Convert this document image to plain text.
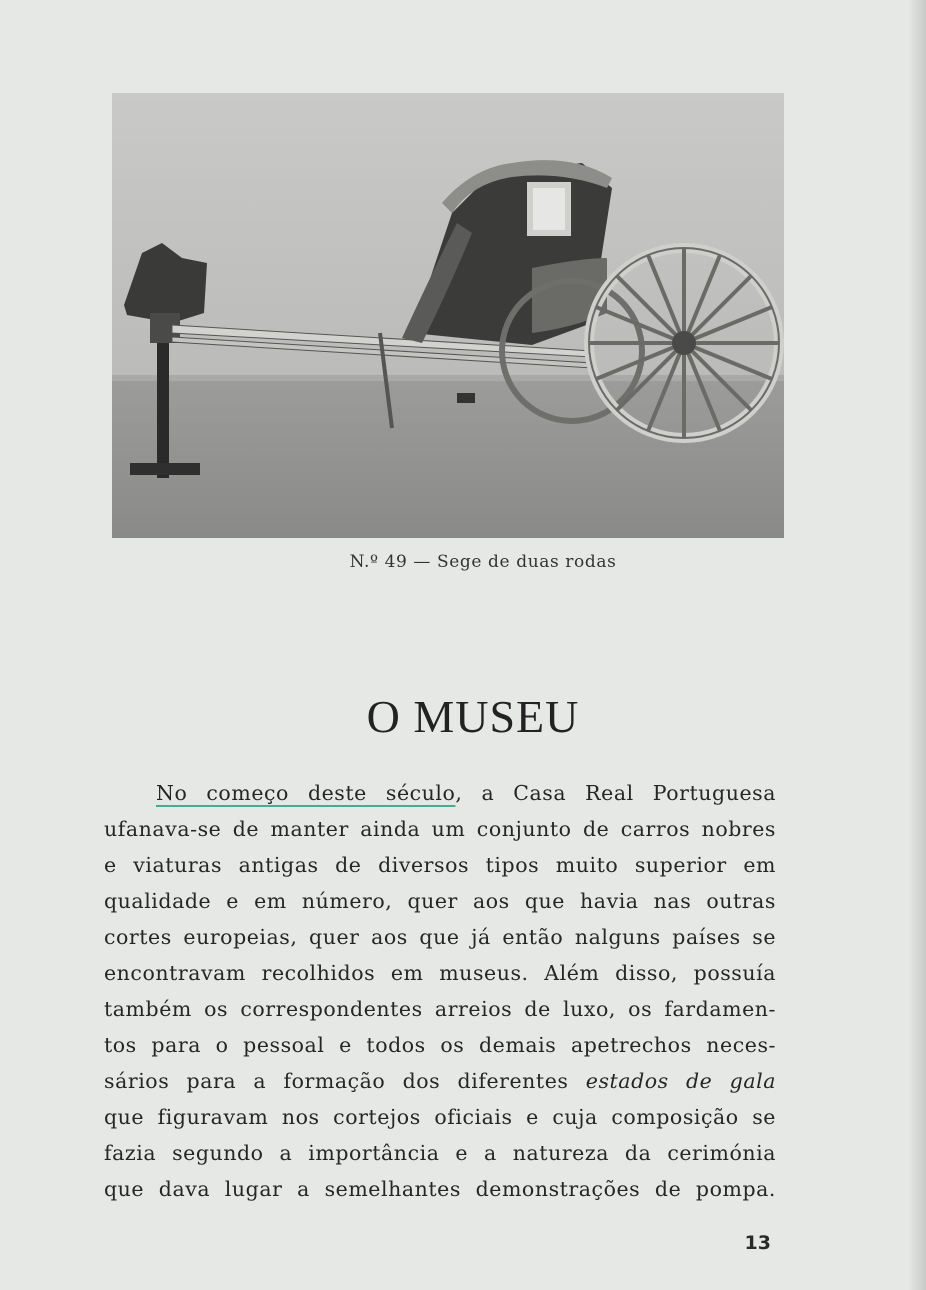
N.º 49 — Sege de duas rodas
O MUSEU
No começo deste século, a Casa Real Portuguesa
ufanava-se de manter ainda um conjunto de carros nobres
e viaturas antigas de diversos tipos muito superior em
qualidade e em número, quer aos que havia nas outras
cortes europeias, quer aos que já então nalguns países se
encontravam recolhidos em museus. Além disso, possuía
também os correspondentes arreios de luxo, os fardamen-
tos para o pessoal e todos os demais apetrechos neces-
sários para a formação dos diferentes estados de gala
que figuravam nos cortejos oficiais e cuja composição se
fazia segundo a importância e a natureza da cerimónia
que dava lugar a semelhantes demonstrações de pompa.
13
